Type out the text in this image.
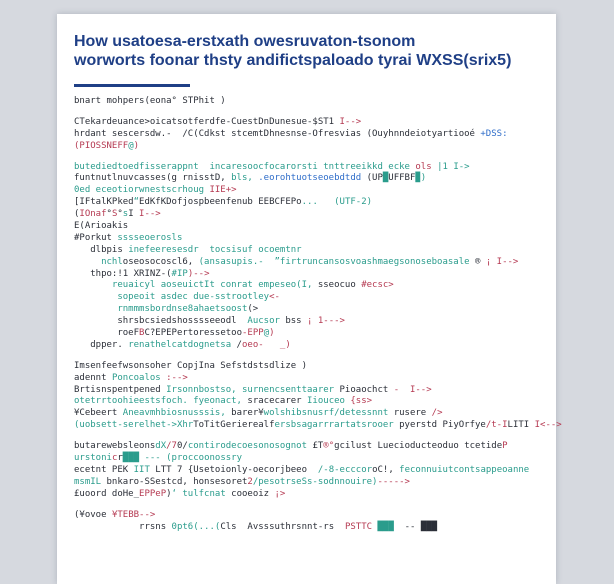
How usatoesa-erstxath owesruvaton-tsonom
worworts foonar thsty andifictspaloado tyrai WXSS(srix5)
bnart mohpers(eona° STPhit )
CTekardeuance>oicatsotferdfe-CuestDnDunesue-$ST1 I-->
hrdant sescersdw.-  /C(Cdkst stcemtDhnesnse-Ofresvias (Ouyhnndeiotyartiooé +DSS:
(PIOSSNEFF@)
butediedtoedfisserappnt  incaresoocfocarorsti tnttreeikkd ecke ols |1 I->
funtnutlnuvcasses(g rnisstD, bls, .eorohtuotseoebdtdd (UP█UFFBF▉)
0ed eceotiorwnestscrhoug IIE+>
[IFtalKPked“EdKfKDofjospbeenfenub EEBCFEPo...   (UTF-2)
(IOnaf°S°sI I-->
E(Arioakis
#Porkut sssseoerosls
dlbpis inefeeresesdr  tocsisuf ocoemtnr
nchloseosocoscl6, (ansasupis.-  ”firtruncansosvoashmaegsonoseboasale ® ¡ I-->
thpo:!1 XRINZ-(#IP)-->
reuaicyl aoseuictIt conrat empeseo(I, sseocuo #ecsc>
sopeoit asdec due-sstrootley<-
rnmmmsbordnse8ahaetsoost(>
shrsbcsiedshosssseeodl  Aucsor bss ¡ 1--->
roeFBC?EPEPertoressetoo-EPP@)
dpper. renathelcatdognetsa /oeo-   _)
Imsenfeefwsonsoher CopjIna Sefstdstsdlize )
adennt Poncoalos :-->
Brtisnspentpened Irsonnbostso, surnencsenttaarer Pioaochct -  I-->
otetrrtoohieestsfoch. fyeonact, sracecarer Iiouceo {ss>
¥Cebeert Aneavmhbiosnusssis, barer¥wolshibsnusrf/detessnnt rusere />
(uobsett-serelhet->XhrToTitGerierealfersbsagarrrartatsrooer pyerstd PiyOrfye/t-ILITI I<-->
butarewebsleonsdX/70/contirodecoesonosognot £T®°gcilust Luecioducteoduo tcetideP
urstonicr███ --- (proccoonossry
ecetnt PEK IIT LTT 7 {Usetoionly-oecorjbeeo  /-8-ecccoroC!, feconnuiutcontsappeoanne
msmIL bnkaro-SSestcd, honsesoret2/pesotrseSs-sodnnouire)----->
£uoord doHe_EPPeP)‘ tulfcnat cooeoiz ¡>
(¥ovoe ¥TEBB-->
rrsns 0pt6(...(Cls  Avsssuthrsnnt-rs  PSTTC ███  -- ███
